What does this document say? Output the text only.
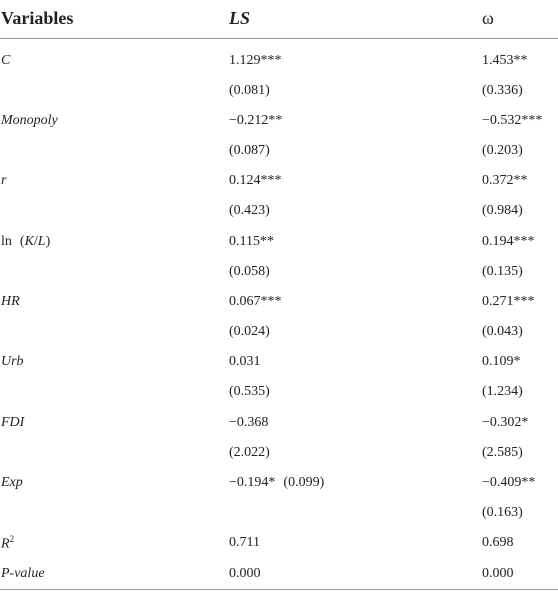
Variables	LS	ω
C	1.129***	1.453**
	(0.081)	(0.336)
Monopoly	−0.212**	−0.532***
	(0.087)	(0.203)
r	0.124***	0.372**
	(0.423)	(0.984)
ln (K/L)	0.115**	0.194***
	(0.058)	(0.135)
HR	0.067***	0.271***
	(0.024)	(0.043)
Urb	0.031	0.109*
	(0.535)	(1.234)
FDI	−0.368	−0.302*
	(2.022)	(2.585)
Exp	−0.194* (0.099)	−0.409**
		(0.163)
$R^2$	0.711	0.698
P-value	0.000	0.000
